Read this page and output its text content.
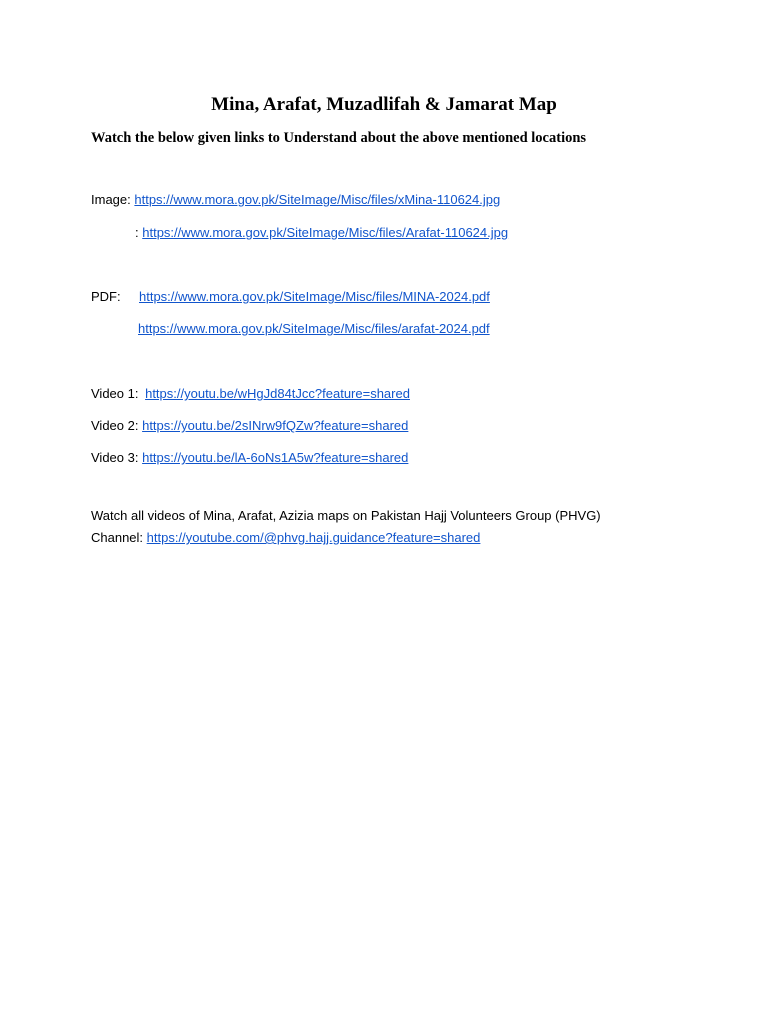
Mina, Arafat, Muzadlifah & Jamarat Map
Watch the below given links to Understand about the above mentioned locations
Image: https://www.mora.gov.pk/SiteImage/Misc/files/xMina-110624.jpg
: https://www.mora.gov.pk/SiteImage/Misc/files/Arafat-110624.jpg
PDF: https://www.mora.gov.pk/SiteImage/Misc/files/MINA-2024.pdf
https://www.mora.gov.pk/SiteImage/Misc/files/arafat-2024.pdf
Video 1: https://youtu.be/wHgJd84tJcc?feature=shared
Video 2: https://youtu.be/2sINrw9fQZw?feature=shared
Video 3: https://youtu.be/lA-6oNs1A5w?feature=shared
Watch all videos of Mina, Arafat, Azizia maps on Pakistan Hajj Volunteers Group (PHVG)
Channel: https://youtube.com/@phvg.hajj.guidance?feature=shared
